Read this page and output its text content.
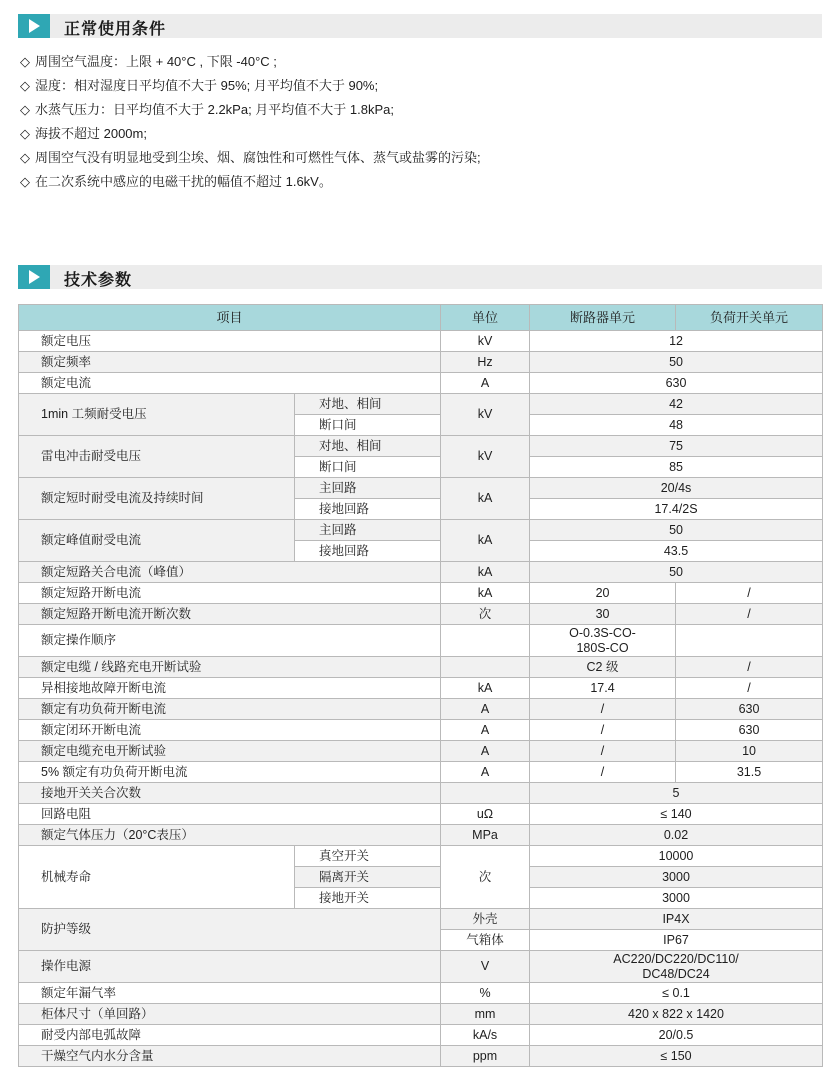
正常使用条件
◇ 周围空气温度：上限 + 40°C , 下限 -40°C ;
◇ 湿度：相对湿度日平均值不大于 95%; 月平均值不大于 90%;
◇ 水蒸气压力：日平均值不大于 2.2kPa; 月平均值不大于 1.8kPa;
◇ 海拔不超过 2000m;
◇ 周围空气没有明显地受到尘埃、烟、腐蚀性和可燃性气体、蒸气或盐雾的污染;
◇ 在二次系统中感应的电磁干扰的幅值不超过 1.6kV。
技术参数
项目		单位	断路器单元	负荷开关单元
额定电压		kV	12	
额定频率		Hz	50	
额定电流		A	630	
1min 工频耐受电压	对地、相间	kV	42	
	断口间		48	
雷电冲击耐受电压	对地、相间	kV	75	
	断口间		85	
额定短时耐受电流及持续时间	主回路	kA	20/4s	
	接地回路		17.4/2S	
额定峰值耐受电流	主回路	kA	50	
	接地回路		43.5	
额定短路关合电流（峰值）		kA	50	
额定短路开断电流		kA	20	/
额定短路开断电流开断次数		次	30	/
额定操作顺序			O-0.3S-CO-
180S-CO	

额定电缆 / 线路充电开断试验			C2 级	/
异相接地故障开断电流		kA	17.4	/
额定有功负荷开断电流		A	/	630
额定闭环开断电流		A	/	630
额定电缆充电开断试验		A	/	10
5% 额定有功负荷开断电流		A	/	31.5
接地开关关合次数			5	
回路电阻		uΩ	≤ 140	
额定气体压力（20°C表压）		MPa	0.02	
机械寿命	真空开关	次	10000	
	隔离开关		3000	
	接地开关		3000	
防护等级		外壳	IP4X	
		气箱体	IP67	
操作电源		V	AC220/DC220/DC110/
DC48/DC24	

额定年漏气率		%	≤ 0.1	
柜体尺寸（单回路）		mm	420 x 822 x 1420	
耐受内部电弧故障		kA/s	20/0.5	
干燥空气内水分含量		ppm	≤ 150	
